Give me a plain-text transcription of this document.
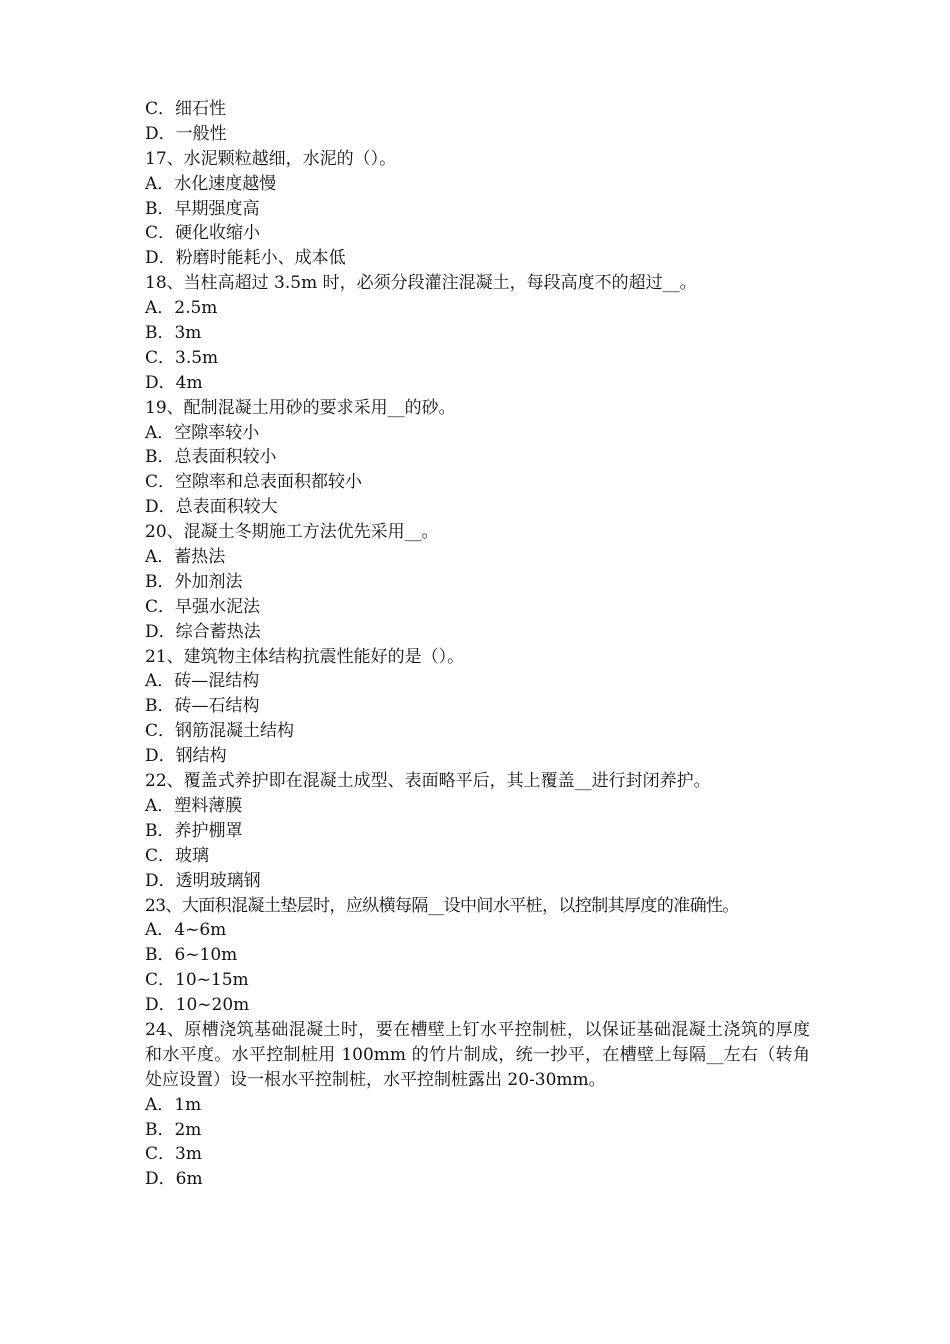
C．细石性
D．一般性
17、水泥颗粒越细，水泥的（）。
A．水化速度越慢
B．早期强度高
C．硬化收缩小
D．粉磨时能耗小、成本低
18、当柱高超过 3.5m 时，必须分段灌注混凝土，每段高度不的超过__。
A．2.5m
B．3m
C．3.5m
D．4m
19、配制混凝土用砂的要求采用__的砂。
A．空隙率较小
B．总表面积较小
C．空隙率和总表面积都较小
D．总表面积较大
20、混凝土冬期施工方法优先采用__。
A．蓄热法
B．外加剂法
C．早强水泥法
D．综合蓄热法
21、建筑物主体结构抗震性能好的是（）。
A．砖—混结构
B．砖—石结构
C．钢筋混凝土结构
D．钢结构
22、覆盖式养护即在混凝土成型、表面略平后，其上覆盖__进行封闭养护。
A．塑料薄膜
B．养护棚罩
C．玻璃
D．透明玻璃钢
23、大面积混凝土垫层时，应纵横每隔__设中间水平桩，以控制其厚度的准确性。
A．4~6m
B．6~10m
C．10~15m
D．10~20m
24、原槽浇筑基础混凝土时，要在槽壁上钉水平控制桩，以保证基础混凝土浇筑的厚度和水平度。水平控制桩用 100mm 的竹片制成，统一抄平，在槽壁上每隔__左右（转角处应设置）设一根水平控制桩，水平控制桩露出 20-30mm。
A．1m
B．2m
C．3m
D．6m
